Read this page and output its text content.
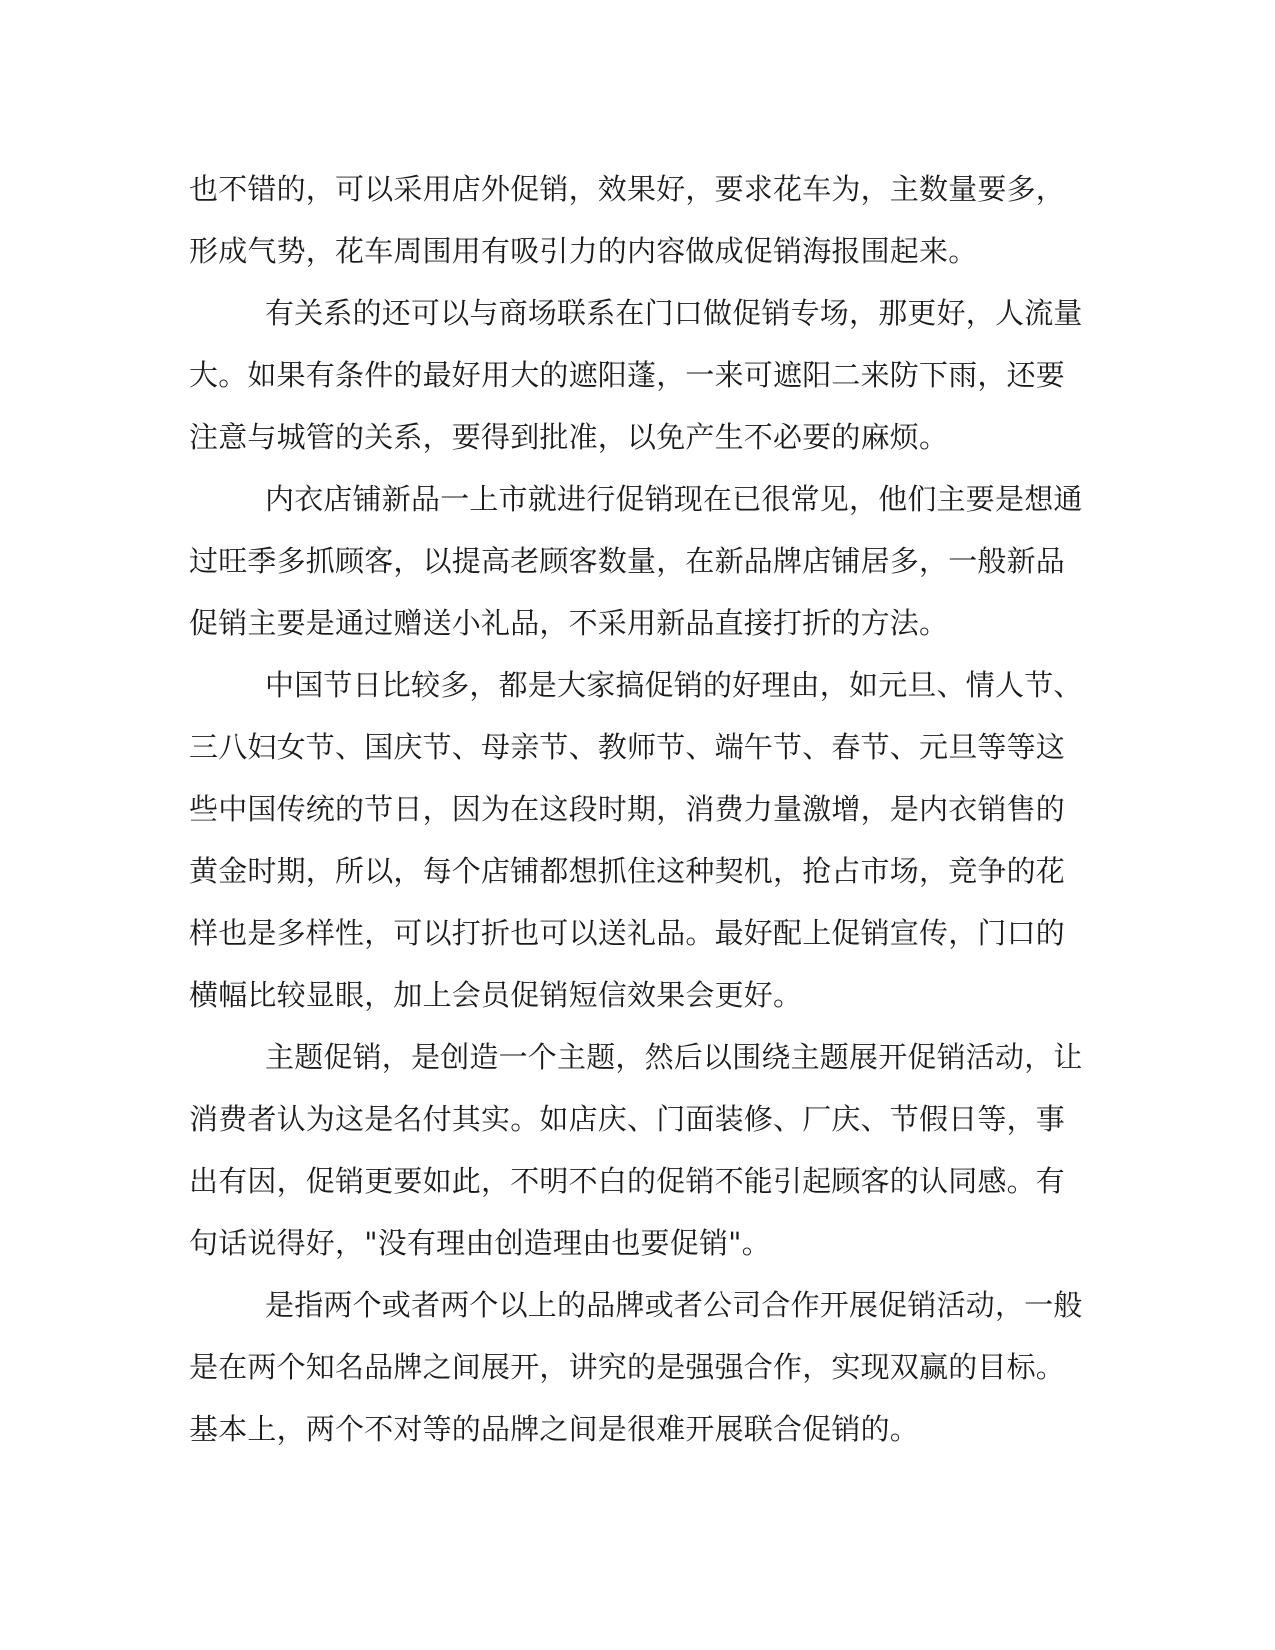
也不错的，可以采用店外促销，效果好，要求花车为，主数量要多，
形成气势，花车周围用有吸引力的内容做成促销海报围起来。
有关系的还可以与商场联系在门口做促销专场，那更好，人流量
大。如果有条件的最好用大的遮阳蓬，一来可遮阳二来防下雨，还要
注意与城管的关系，要得到批准，以免产生不必要的麻烦。
内衣店铺新品一上市就进行促销现在已很常见，他们主要是想通
过旺季多抓顾客，以提高老顾客数量，在新品牌店铺居多，一般新品
促销主要是通过赠送小礼品，不采用新品直接打折的方法。
中国节日比较多，都是大家搞促销的好理由，如元旦、情人节、
三八妇女节、国庆节、母亲节、教师节、端午节、春节、元旦等等这
些中国传统的节日，因为在这段时期，消费力量激增，是内衣销售的
黄金时期，所以，每个店铺都想抓住这种契机，抢占市场，竞争的花
样也是多样性，可以打折也可以送礼品。最好配上促销宣传，门口的
横幅比较显眼，加上会员促销短信效果会更好。
主题促销，是创造一个主题，然后以围绕主题展开促销活动，让
消费者认为这是名付其实。如店庆、门面装修、厂庆、节假日等，事
出有因，促销更要如此，不明不白的促销不能引起顾客的认同感。有
句话说得好，"没有理由创造理由也要促销"。
是指两个或者两个以上的品牌或者公司合作开展促销活动，一般
是在两个知名品牌之间展开，讲究的是强强合作，实现双赢的目标。
基本上，两个不对等的品牌之间是很难开展联合促销的。
